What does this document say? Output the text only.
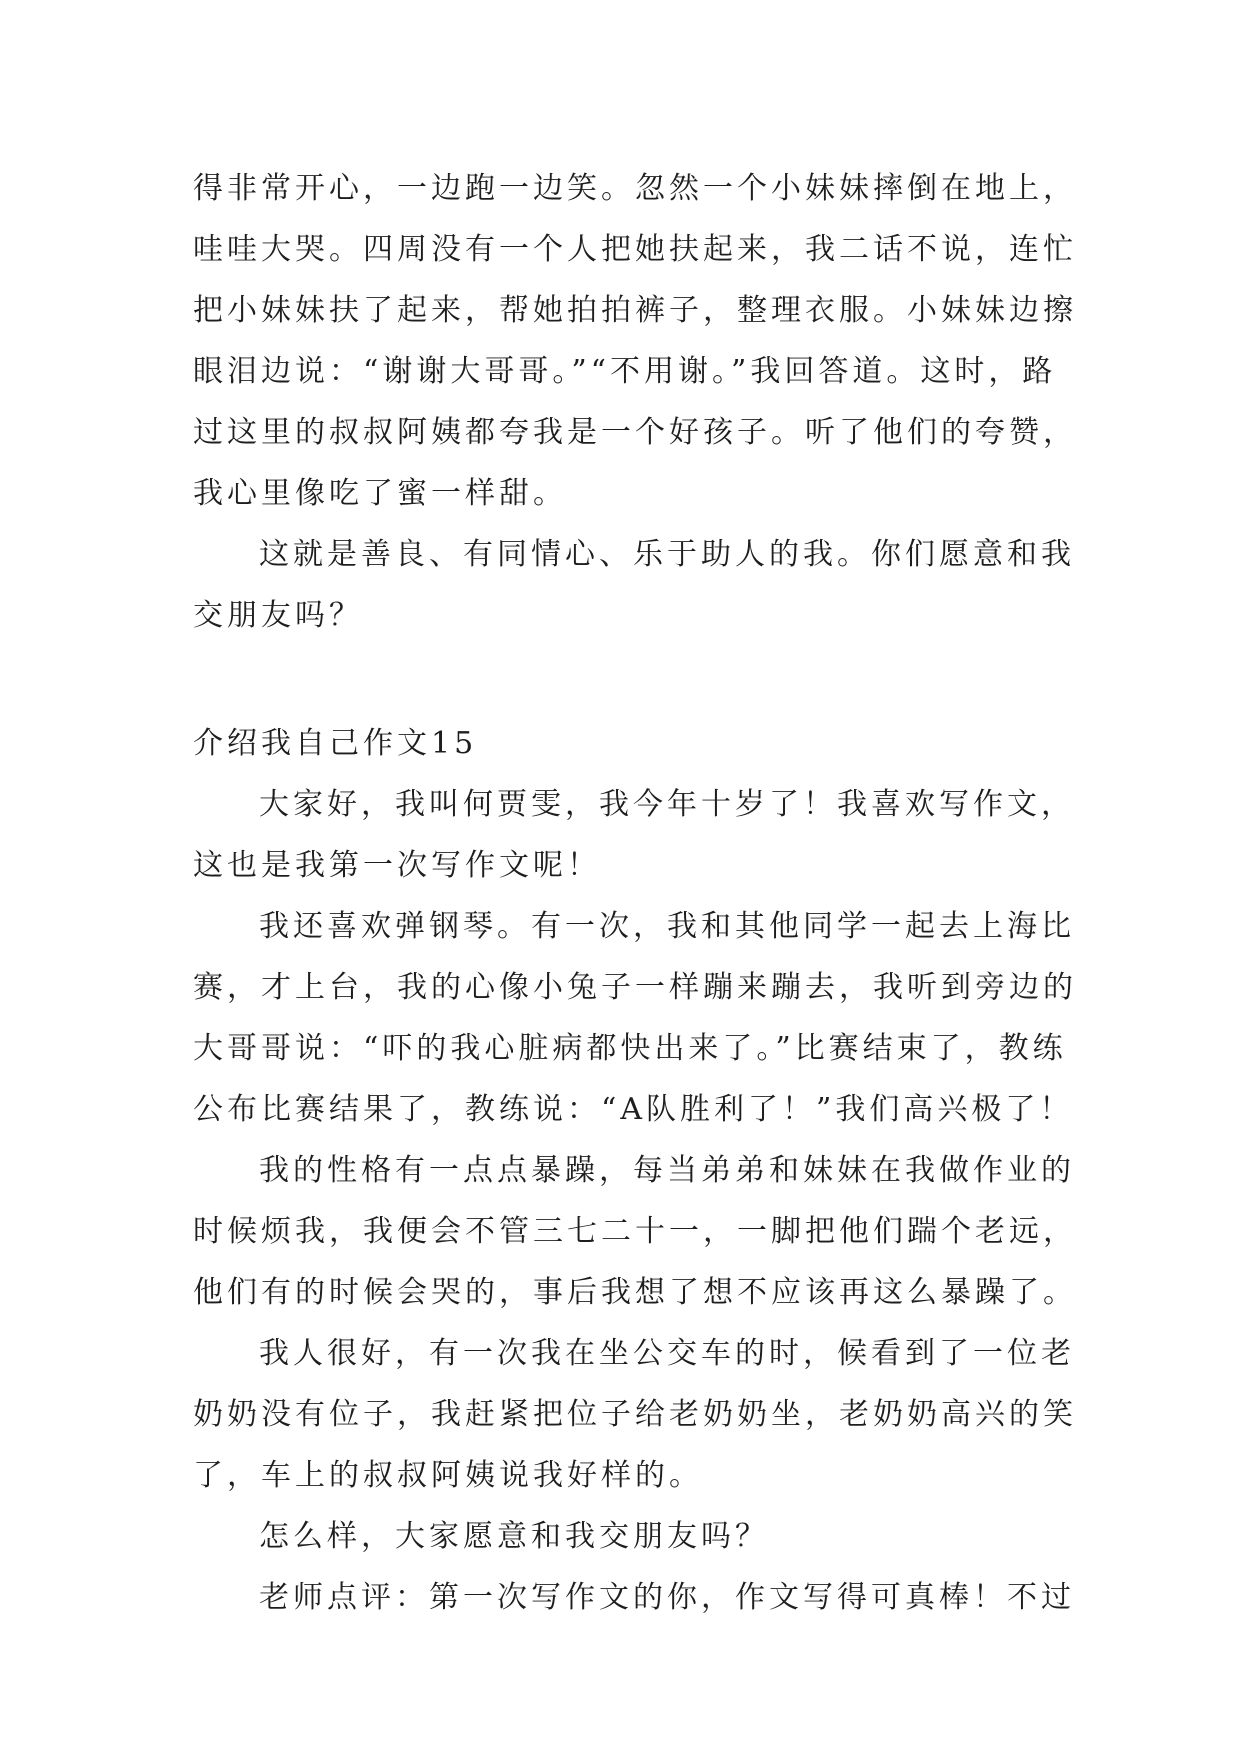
得非常开心，一边跑一边笑。忽然一个小妹妹摔倒在地上，
哇哇大哭。四周没有一个人把她扶起来，我二话不说，连忙
把小妹妹扶了起来，帮她拍拍裤子，整理衣服。小妹妹边擦
眼泪边说：“谢谢大哥哥。”“不用谢。”我回答道。这时，路
过这里的叔叔阿姨都夸我是一个好孩子。听了他们的夸赞，
我心里像吃了蜜一样甜。
这就是善良、有同情心、乐于助人的我。你们愿意和我
交朋友吗？
介绍我自己作文15
大家好，我叫何贾雯，我今年十岁了！我喜欢写作文，
这也是我第一次写作文呢！
我还喜欢弹钢琴。有一次，我和其他同学一起去上海比
赛，才上台，我的心像小兔子一样蹦来蹦去，我听到旁边的
大哥哥说：“吓的我心脏病都快出来了。”比赛结束了，教练
公布比赛结果了，教练说：“A队胜利了！”我们高兴极了！
我的性格有一点点暴躁，每当弟弟和妹妹在我做作业的
时候烦我，我便会不管三七二十一，一脚把他们踹个老远，
他们有的时候会哭的，事后我想了想不应该再这么暴躁了。
我人很好，有一次我在坐公交车的时，候看到了一位老
奶奶没有位子，我赶紧把位子给老奶奶坐，老奶奶高兴的笑
了，车上的叔叔阿姨说我好样的。
怎么样，大家愿意和我交朋友吗？
老师点评：第一次写作文的你，作文写得可真棒！不过
